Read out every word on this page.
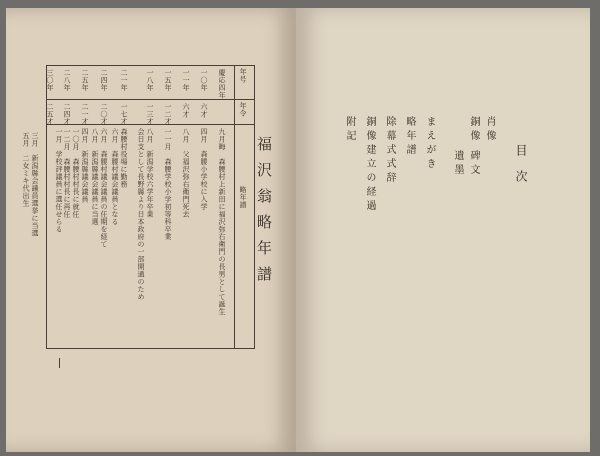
福沢翁略年譜
年号
年令
略年譜
慶応四年
九月晦　森腰村上新田に福沢弥右衛門の長男として誕生
一〇年
六才
四月　森腰小学校に入学
一一年
六才
八月　父福沢弥右衛門死去
一五年
一二才
一一月　森腰学校小学初等科卒業
一八年
一三才
八月　新潟学校六学年卒業
会日支として長野縣より日本政府の一部開通のため
二一年
一七才
森腰村役場に勤務
六月　森腰村議会議員となる
二四年
二〇才
六月　森腰村議会議員の任期を経て
八月　新潟縣議会議員に当選
二五年
二一才
四月　新潟縣議会議員
一〇月　森腰村村長に就任
二八年
二四才
一二月　森腰村村長に再任
一月　学校評議員に選任せらる
三〇年
二五才
三月　新潟縣会議員選挙に当選
五月　二女ミキ代出生	目次
肖像
銅像
碑文
遺墨
まえがき
略年譜
除幕式式辞
銅像建立の経過
附記
